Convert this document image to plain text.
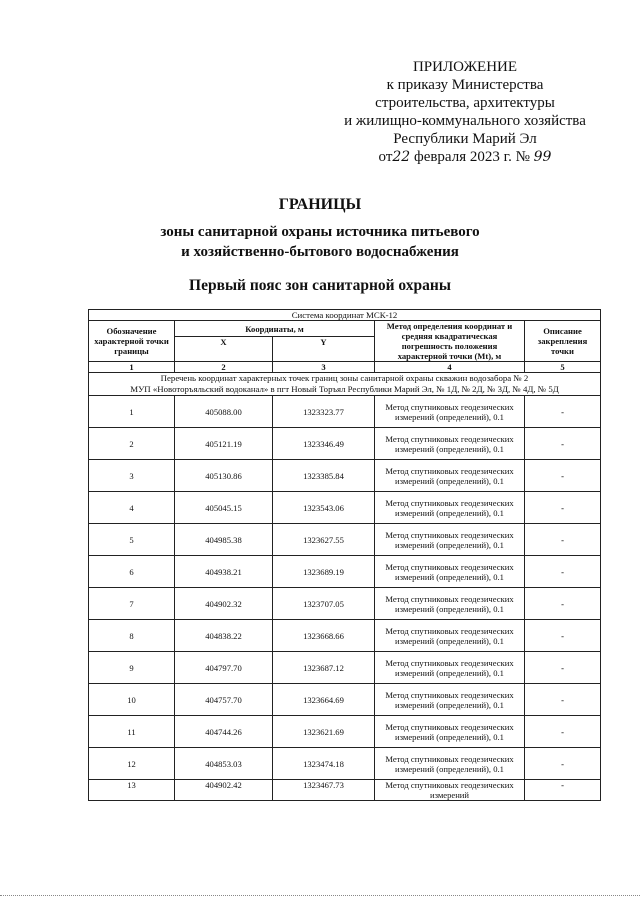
ПРИЛОЖЕНИЕ
к приказу Министерства
строительства, архитектуры
и жилищно-коммунального хозяйства
Республики Марий Эл
от22 февраля 2023 г. № 99
ГРАНИЦЫ
зоны санитарной охраны источника питьевого
и хозяйственно-бытового водоснабжения
Первый пояс зон санитарной охраны
Система координат МСК-12				
Обозначение характерной точки границы	Координаты, м		Метод определения координат и средняя квадратическая погрешность положения характерной точки (Mt), м	Описание закрепления точки
	X	Y		
1	2	3	4	5

Перечень координат характерных точек границ зоны санитарной охраны скважин водозабора № 2
МУП «Новоторъяльский водоканал» в пгт Новый Торъял Республики Марий Эл, № 1Д, № 2Д, № 3Д, № 4Д, № 5Д				

1	405088.00	1323323.77	Метод спутниковых геодезических измерений (определений), 0.1	-
2	405121.19	1323346.49	Метод спутниковых геодезических измерений (определений), 0.1	-
3	405130.86	1323385.84	Метод спутниковых геодезических измерений (определений), 0.1	-
4	405045.15	1323543.06	Метод спутниковых геодезических измерений (определений), 0.1	-
5	404985.38	1323627.55	Метод спутниковых геодезических измерений (определений), 0.1	-
6	404938.21	1323689.19	Метод спутниковых геодезических измерений (определений), 0.1	-
7	404902.32	1323707.05	Метод спутниковых геодезических измерений (определений), 0.1	-
8	404838.22	1323668.66	Метод спутниковых геодезических измерений (определений), 0.1	-
9	404797.70	1323687.12	Метод спутниковых геодезических измерений (определений), 0.1	-
10	404757.70	1323664.69	Метод спутниковых геодезических измерений (определений), 0.1	-
11	404744.26	1323621.69	Метод спутниковых геодезических измерений (определений), 0.1	-
12	404853.03	1323474.18	Метод спутниковых геодезических измерений (определений), 0.1	-
13	404902.42	1323467.73	Метод спутниковых геодезических измерений	-
